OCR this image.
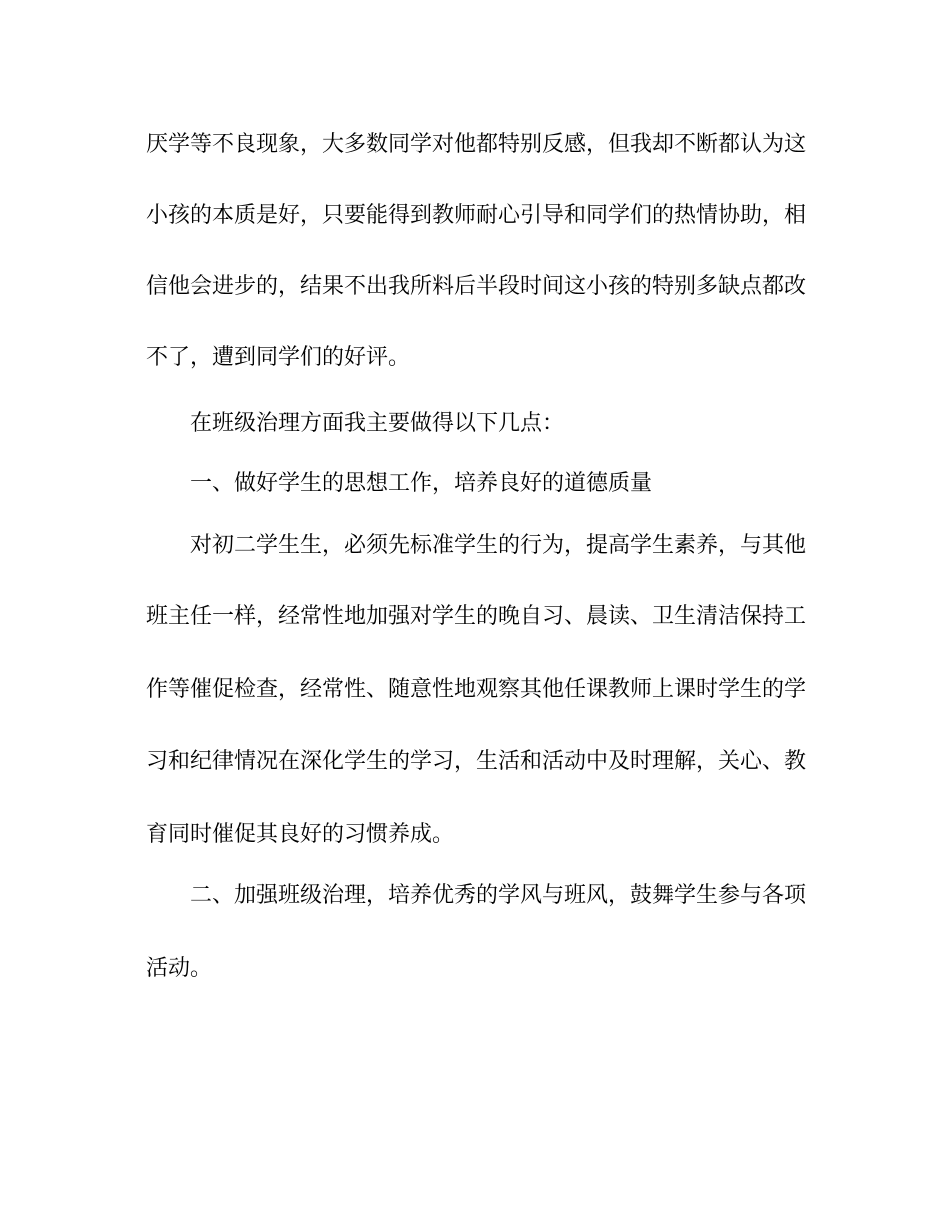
厌学等不良现象，大多数同学对他都特别反感，但我却不断都认为这
小孩的本质是好，只要能得到教师耐心引导和同学们的热情协助，相
信他会进步的，结果不出我所料后半段时间这小孩的特别多缺点都改
不了，遭到同学们的好评。
在班级治理方面我主要做得以下几点：
一、做好学生的思想工作，培养良好的道德质量
对初二学生生，必须先标准学生的行为，提高学生素养，与其他
班主任一样，经常性地加强对学生的晚自习、晨读、卫生清洁保持工
作等催促检查，经常性、随意性地观察其他任课教师上课时学生的学
习和纪律情况在深化学生的学习，生活和活动中及时理解，关心、教
育同时催促其良好的习惯养成。
二、加强班级治理，培养优秀的学风与班风，鼓舞学生参与各项
活动。
